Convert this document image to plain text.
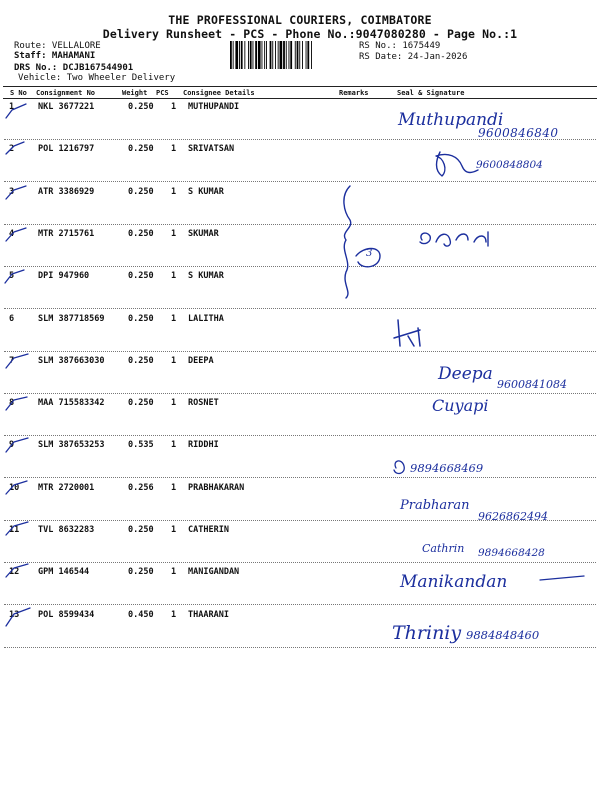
THE PROFESSIONAL COURIERS, COIMBATORE
Delivery Runsheet - PCS - Phone No.:9047080280 - Page No.:1
Route: VELLALORE
Staff: MAHAMANI
DRS No.: DCJB167544901
Vehicle: Two Wheeler Delivery
RS No.: 1675449
RS Date: 24-Jan-2026
S No Consignment No	Weight PCS Consignee Details	Remarks	Seal & Signature
1	NKL 3677221	0.250 1 MUTHUPANDI
2	POL 1216797	0.250 1 SRIVATSAN
3	ATR 3386929	0.250 1 S KUMAR
4	MTR 2715761	0.250 1 SKUMAR
5	DPI 947960	0.250 1 S KUMAR
6	SLM 387718569	0.250 1 LALITHA
7	SLM 387663030	0.250 1 DEEPA
8	MAA 715583342	0.250 1 ROSNET
9	SLM 387653253	0.535 1 RIDDHI
10 MTR 2720001	0.256 1 PRABHAKARAN
11 TVL 8632283	0.250 1 CATHERIN
12 GPM 146544	0.250 1 MANIGANDAN
13 POL 8599434	0.450 1 THAARANI
Muthupandi
9600846840
9600848804
3
Deepa
9600841084
Cuyapi
9894668469
Prabharan
9626862494
Cathrin 9894668428
Manikandan
Thriniy 9884848460
